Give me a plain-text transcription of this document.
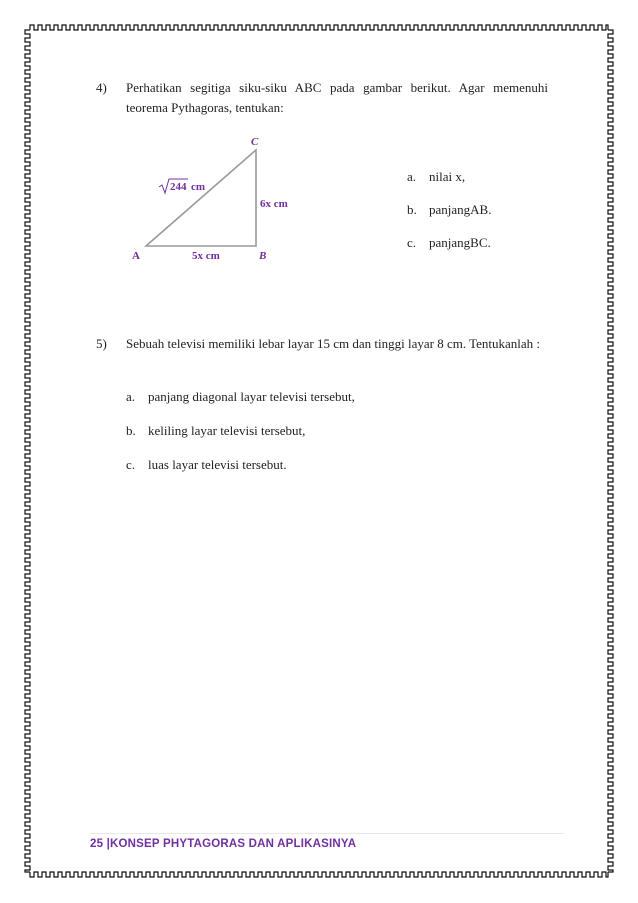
4) Perhatikan segitiga siku-siku ABC pada gambar berikut. Agar memenuhi teorema Pythagoras, tentukan:
C
A	B
244 cm
6x cm
5x cm
a. nilai x,
b. panjangAB.
c. panjangBC.
5) Sebuah televisi memiliki lebar layar 15 cm dan tinggi layar 8 cm. Tentukanlah :
a. panjang diagonal layar televisi tersebut,
b. keliling layar televisi tersebut,
c. luas layar televisi tersebut.
25 |KONSEP PHYTAGORAS DAN APLIKASINYA
